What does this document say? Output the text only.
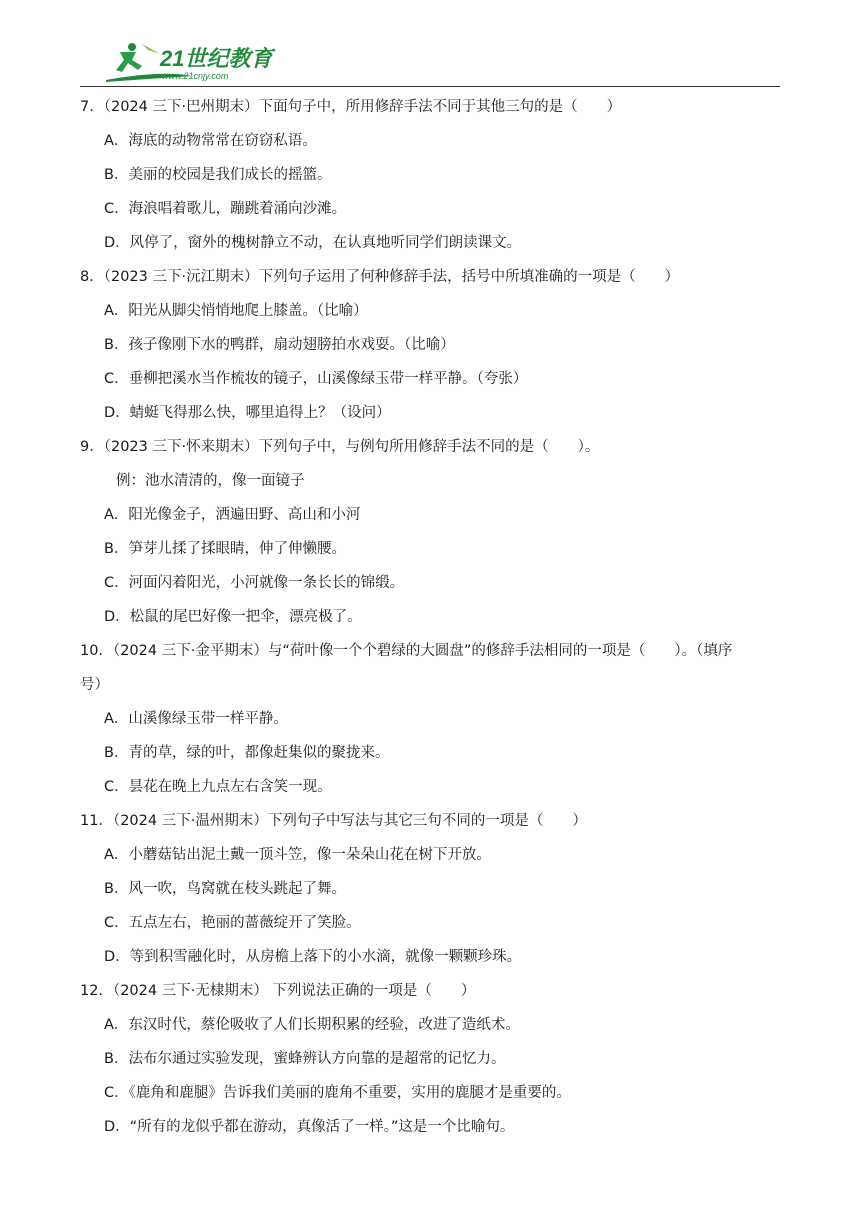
21世纪教育
www.21cnjy.com
7．（2024 三下·巴州期末）下面句子中，所用修辞手法不同于其他三句的是（　　）
A．海底的动物常常在窃窃私语。
B．美丽的校园是我们成长的摇篮。
C．海浪唱着歌儿，蹦跳着涌向沙滩。
D．风停了，窗外的槐树静立不动，在认真地听同学们朗读课文。
8．（2023 三下·沅江期末）下列句子运用了何种修辞手法，括号中所填准确的一项是（　　）
A．阳光从脚尖悄悄地爬上膝盖。（比喻）
B．孩子像刚下水的鸭群，扇动翅膀拍水戏耍。（比喻）
C．垂柳把溪水当作梳妆的镜子，山溪像绿玉带一样平静。（夸张）
D．蜻蜓飞得那么快，哪里追得上？（设问）
9．（2023 三下·怀来期末）下列句子中，与例句所用修辞手法不同的是（　　）。
例：池水清清的，像一面镜子
A．阳光像金子，洒遍田野、高山和小河
B．笋芽儿揉了揉眼睛，伸了伸懒腰。
C．河面闪着阳光，小河就像一条长长的锦缎。
D．松鼠的尾巴好像一把伞，漂亮极了。
10．（2024 三下·金平期末）与“荷叶像一个个碧绿的大圆盘”的修辞手法相同的一项是（　　）。（填序
号）
A．山溪像绿玉带一样平静。
B．青的草，绿的叶，都像赶集似的聚拢来。
C．昙花在晚上九点左右含笑一现。
11．（2024 三下·温州期末）下列句子中写法与其它三句不同的一项是（　　）
A．小蘑菇钻出泥土戴一顶斗笠，像一朵朵山花在树下开放。
B．风一吹，鸟窝就在枝头跳起了舞。
C．五点左右，艳丽的蔷薇绽开了笑脸。
D．等到积雪融化时，从房檐上落下的小水滴，就像一颗颗珍珠。
12．（2024 三下·无棣期末） 下列说法正确的一项是（　　）
A．东汉时代，蔡伦吸收了人们长期积累的经验，改进了造纸术。
B．法布尔通过实验发现，蜜蜂辨认方向靠的是超常的记忆力。
C．《鹿角和鹿腿》告诉我们美丽的鹿角不重要，实用的鹿腿才是重要的。
D．“所有的龙似乎都在游动，真像活了一样。”这是一个比喻句。
